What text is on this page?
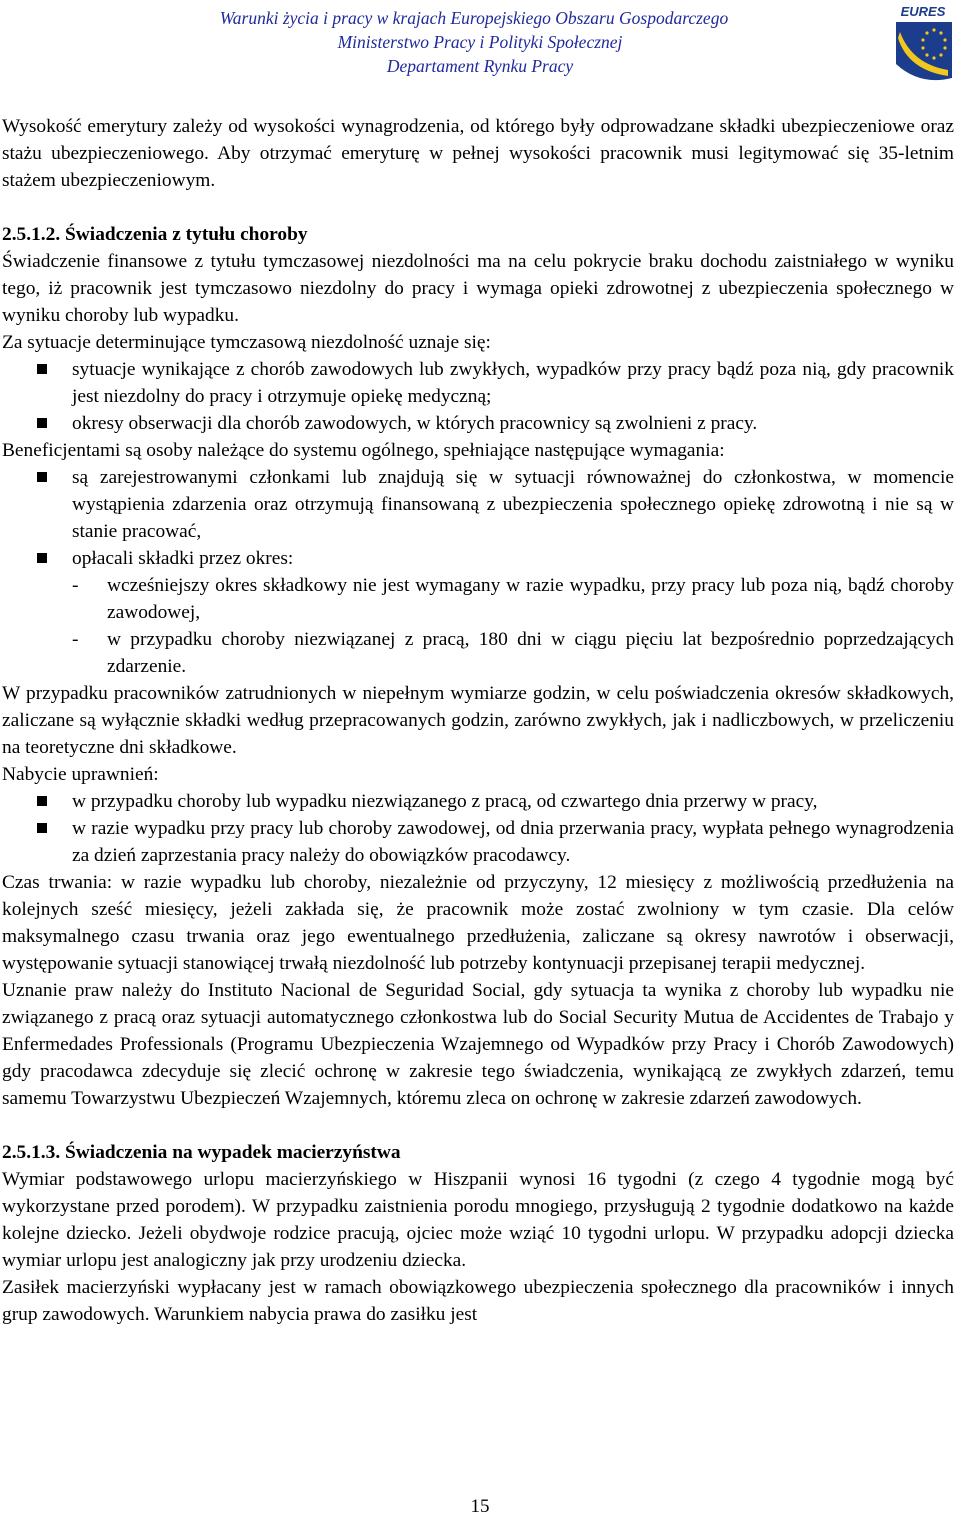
Warunki życia i pracy w krajach Europejskiego Obszaru Gospodarczego
Ministerstwo Pracy i Polityki Społecznej
Departament Rynku Pracy
EURES

Wysokość emerytury zależy od wysokości wynagrodzenia, od którego były odprowadzane składki ubezpieczeniowe oraz stażu ubezpieczeniowego. Aby otrzymać emeryturę w pełnej wysokości pracownik musi legitymować się 35-letnim stażem ubezpieczeniowym.

2.5.1.2. Świadczenia z tytułu choroby

Świadczenie finansowe z tytułu tymczasowej niezdolności ma na celu pokrycie braku dochodu zaistniałego w wyniku tego, iż pracownik jest tymczasowo niezdolny do pracy i wymaga opieki zdrowotnej z ubezpieczenia społecznego w wyniku choroby lub wypadku.

Za sytuacje determinujące tymczasową niezdolność uznaje się:

sytuacje wynikające z chorób zawodowych lub zwykłych, wypadków przy pracy bądź poza nią, gdy pracownik jest niezdolny do pracy i otrzymuje opiekę medyczną;
okresy obserwacji dla chorób zawodowych, w których pracownicy są zwolnieni z pracy.

Beneficjentami są osoby należące do systemu ogólnego, spełniające następujące wymagania:

są zarejestrowanymi członkami lub znajdują się w sytuacji równoważnej do członkostwa, w momencie wystąpienia zdarzenia oraz otrzymują finansowaną z ubezpieczenia społecznego opiekę zdrowotną i nie są w stanie pracować,
opłacali składki przez okres:
- wcześniejszy okres składkowy nie jest wymagany w razie wypadku, przy pracy lub poza nią, bądź choroby zawodowej,
- w przypadku choroby niezwiązanej z pracą, 180 dni w ciągu pięciu lat bezpośrednio poprzedzających zdarzenie.

W przypadku pracowników zatrudnionych w niepełnym wymiarze godzin, w celu poświadczenia okresów składkowych, zaliczane są wyłącznie składki według przepracowanych godzin, zarówno zwykłych, jak i nadliczbowych, w przeliczeniu na teoretyczne dni składkowe.

Nabycie uprawnień:

w przypadku choroby lub wypadku niezwiązanego z pracą, od czwartego dnia przerwy w pracy,
w razie wypadku przy pracy lub choroby zawodowej, od dnia przerwania pracy, wypłata pełnego wynagrodzenia za dzień zaprzestania pracy należy do obowiązków pracodawcy.

Czas trwania: w razie wypadku lub choroby, niezależnie od przyczyny, 12 miesięcy z możliwością przedłużenia na kolejnych sześć miesięcy, jeżeli zakłada się, że pracownik może zostać zwolniony w tym czasie. Dla celów maksymalnego czasu trwania oraz jego ewentualnego przedłużenia, zaliczane są okresy nawrotów i obserwacji, występowanie sytuacji stanowiącej trwałą niezdolność lub potrzeby kontynuacji przepisanej terapii medycznej.

Uznanie praw należy do Instituto Nacional de Seguridad Social, gdy sytuacja ta wynika z choroby lub wypadku nie związanego z pracą oraz sytuacji automatycznego członkostwa lub do Social Security Mutua de Accidentes de Trabajo y Enfermedades Professionals (Programu Ubezpieczenia Wzajemnego od Wypadków przy Pracy i Chorób Zawodowych) gdy pracodawca zdecyduje się zlecić ochronę w zakresie tego świadczenia, wynikającą ze zwykłych zdarzeń, temu samemu Towarzystwu Ubezpieczeń Wzajemnych, któremu zleca on ochronę w zakresie zdarzeń zawodowych.

2.5.1.3. Świadczenia na wypadek macierzyństwa

Wymiar podstawowego urlopu macierzyńskiego w Hiszpanii wynosi 16 tygodni (z czego 4 tygodnie mogą być wykorzystane przed porodem). W przypadku zaistnienia porodu mnogiego, przysługują 2 tygodnie dodatkowo na każde kolejne dziecko. Jeżeli obydwoje rodzice pracują, ojciec może wziąć 10 tygodni urlopu. W przypadku adopcji dziecka wymiar urlopu jest analogiczny jak przy urodzeniu dziecka.

Zasiłek macierzyński wypłacany jest w ramach obowiązkowego ubezpieczenia społecznego dla pracowników i innych grup zawodowych. Warunkiem nabycia prawa do zasiłku jest

15
